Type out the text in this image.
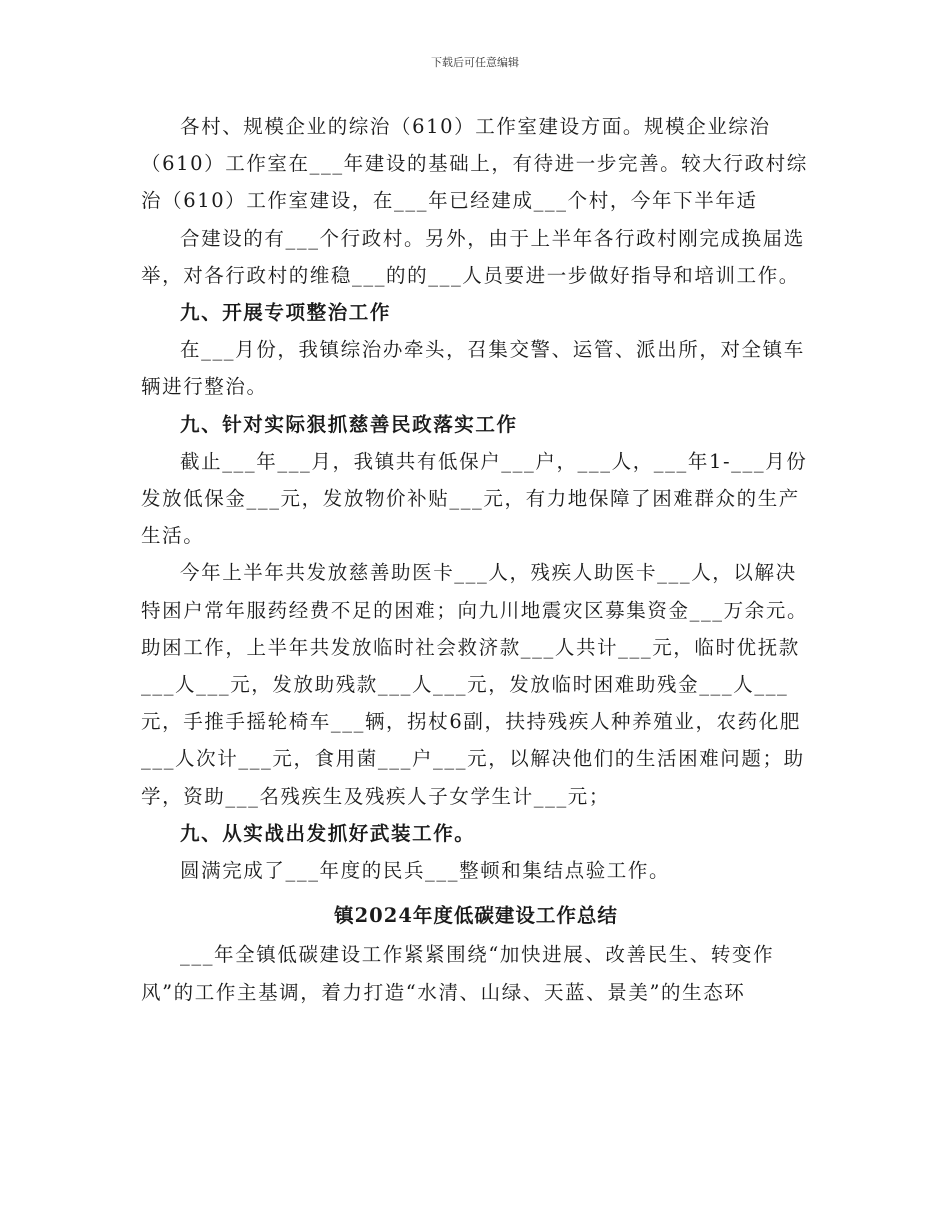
下载后可任意编辑

各村、规模企业的综治（610）工作室建设方面。规模企业综治（610）工作室在___年建设的基础上，有待进一步完善。较大行政村综治（610）工作室建设，在___年已经建成___个村，今年下半年适

合建设的有___个行政村。另外，由于上半年各行政村刚完成换届选举，对各行政村的维稳___的的___人员要进一步做好指导和培训工作。

九、开展专项整治工作

在___月份，我镇综治办牵头，召集交警、运管、派出所，对全镇车辆进行整治。

九、针对实际狠抓慈善民政落实工作

截止___年___月，我镇共有低保户___户，___人，___年1-___月份发放低保金___元，发放物价补贴___元，有力地保障了困难群众的生产生活。

今年上半年共发放慈善助医卡___人，残疾人助医卡___人，以解决特困户常年服药经费不足的困难；向九川地震灾区募集资金___万余元。助困工作，上半年共发放临时社会救济款___人共计___元，临时优抚款___人___元，发放助残款___人___元，发放临时困难助残金___人___元，手推手摇轮椅车___辆，拐杖6副，扶持残疾人种养殖业，农药化肥___人次计___元，食用菌___户___元，以解决他们的生活困难问题；助学，资助___名残疾生及残疾人子女学生计___元；

九、从实战出发抓好武装工作。

圆满完成了___年度的民兵___整顿和集结点验工作。

镇2024年度低碳建设工作总结

___年全镇低碳建设工作紧紧围绕“加快进展、改善民生、转变作风”的工作主基调，着力打造“水清、山绿、天蓝、景美”的生态环
